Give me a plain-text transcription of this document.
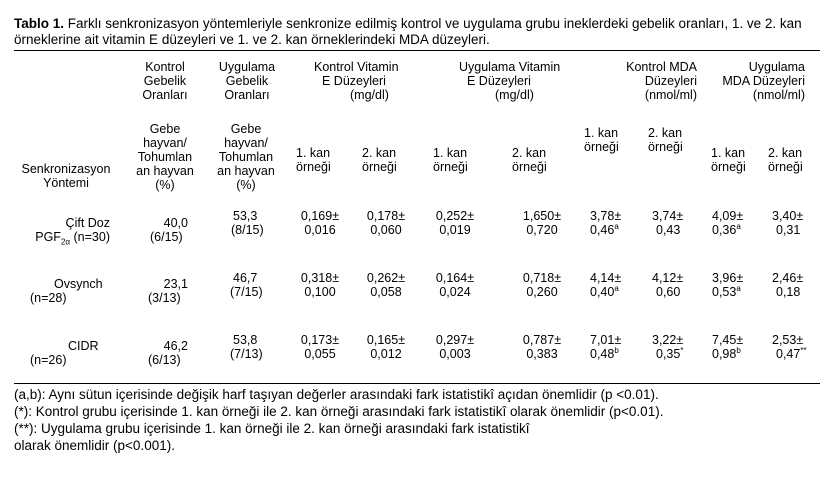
Tablo 1. Farklı senkronizasyon yöntemleriyle senkronize edilmiş kontrol ve uygulama grubu ineklerdeki gebelik oranları, 1. ve 2. kan örneklerine ait vitamin E düzeyleri ve 1. ve 2. kan örneklerindeki MDA düzeyleri.
Kontrol
Gebelik
Oranları
Uygulama
Gebelik
Oranları
Kontrol Vitamin
E Düzeyleri
(mg/dl)
Uygulama Vitamin
E Düzeyleri
(mg/dl)
Kontrol MDA
Düzeyleri
(nmol/ml)
Uygulama
MDA Düzeyleri
(nmol/ml)
Senkronizasyon
Yöntemi
Gebe
hayvan/
Tohumlan
an hayvan
(%)
Gebe
hayvan/
Tohumlan
an hayvan
(%)
1. kan
örneği
2. kan
örneği
1. kan
örneği
2. kan
örneği
1. kan
örneği
2. kan
örneği 1. kan
örneği
2. kan
örneği
Çift Doz
$PGF_{2\alpha}$ (n=30)
40,0
(6/15)
53,3
(8/15)
0,169±
0,016
0,178±
0,060
0,252±
0,019
1,650±
0,720
3,78±
0,46$^a$
3,74±
0,43
4,09±
0,36$^a$
3,40±
0,31
Ovsynch
(n=28)
23,1
(3/13)
46,7
(7/15)
0,318±
0,100
0,262±
0,058
0,164±
0,024
0,718±
0,260
4,14±
0,40$^a$
4,12±
0,60
3,96±
0,53$^a$
2,46±
0,18
CIDR
(n=26)
46,2
(6/13)
53,8
(7/13)
0,173±
0,055
0,165±
0,012
0,297±
0,003
0,787±
0,383
7,01±
0,48$^b$
3,22±
0,35*
7,45±
0,98$^b$
2,53±
0,47**
(a,b): Aynı sütun içerisinde değişik harf taşıyan değerler arasındaki fark istatistikî açıdan önemlidir (p <0.01).
(*): Kontrol grubu içerisinde 1. kan örneği ile 2. kan örneği arasındaki fark istatistikî olarak önemlidir (p<0.01).
(**): Uygulama grubu içerisinde 1. kan örneği ile 2. kan örneği arasındaki fark istatistikî
olarak önemlidir (p<0.001).
